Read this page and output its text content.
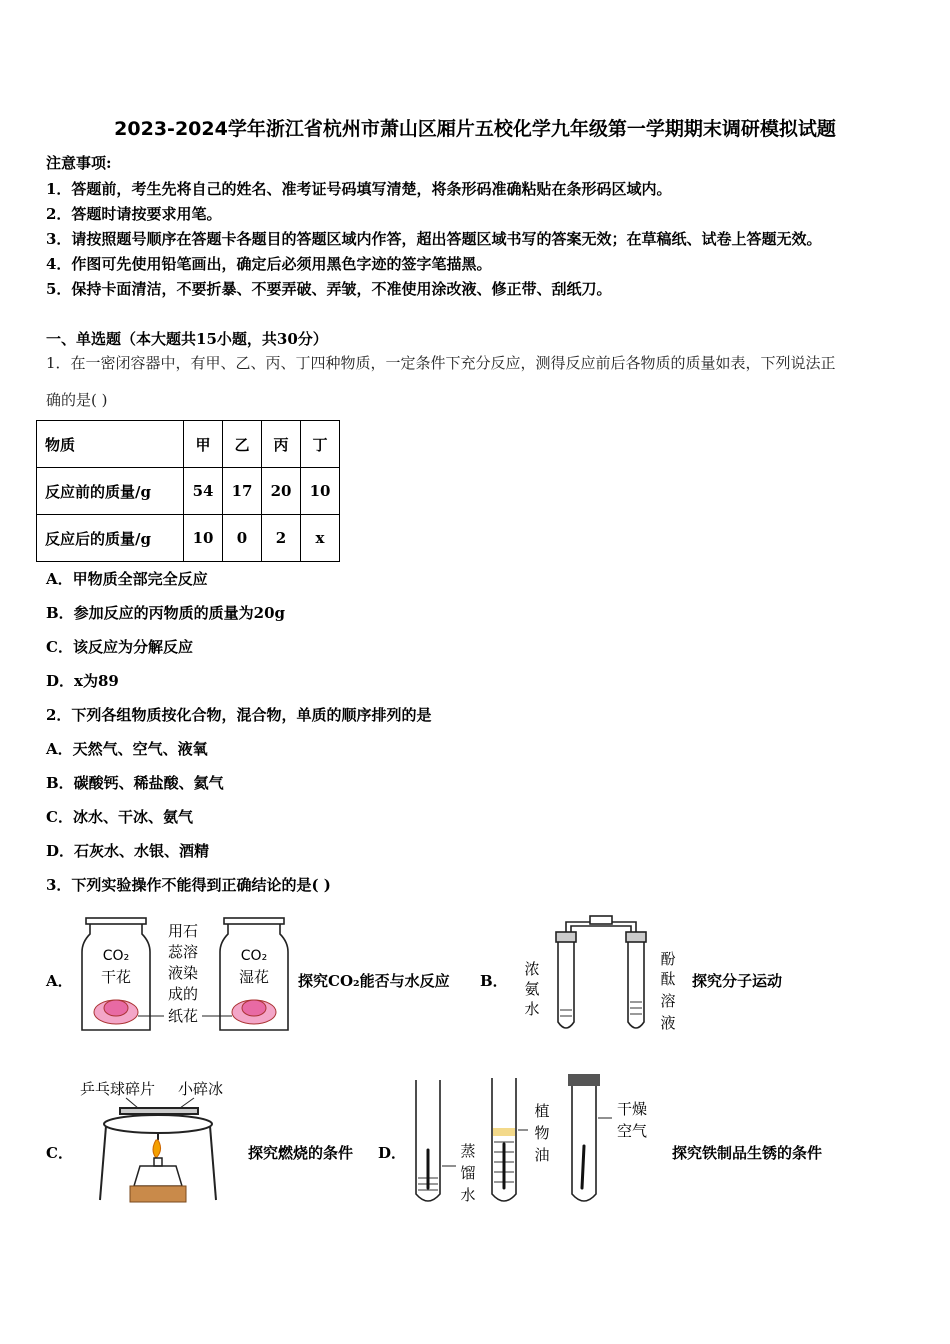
2023-2024学年浙江省杭州市萧山区厢片五校化学九年级第一学期期末调研模拟试题
注意事项:
1．答题前，考生先将自己的姓名、准考证号码填写清楚，将条形码准确粘贴在条形码区域内。
2．答题时请按要求用笔。
3．请按照题号顺序在答题卡各题目的答题区域内作答，超出答题区域书写的答案无效；在草稿纸、试卷上答题无效。
4．作图可先使用铅笔画出，确定后必须用黑色字迹的签字笔描黑。
5．保持卡面清洁，不要折暴、不要弄破、弄皱，不准使用涂改液、修正带、刮纸刀。
一、单选题（本大题共15小题，共30分）
1．在一密闭容器中，有甲、乙、丙、丁四种物质，一定条件下充分反应，测得反应前后各物质的质量如表，下列说法正
确的是( )
物质	甲	乙	丙	丁
反应前的质量/g	54	17	20	10
反应后的质量/g	10	0	2	x
A．甲物质全部完全反应
B．参加反应的丙物质的质量为20g
C．该反应为分解反应
D．x为89
2．下列各组物质按化合物，混合物，单质的顺序排列的是
A．天然气、空气、液氧
B．碳酸钙、稀盐酸、氦气
C．冰水、干冰、氨气
D．石灰水、水银、酒精
3．下列实验操作不能得到正确结论的是( )
A．
CO₂
干花
CO₂
湿花
用石
蕊溶
液染
成的
纸花
探究CO₂能否与水反应 B．
浓
氨
水
酚
酞
溶
液
探究分子运动
C．
乒乓球碎片 小碎冰
探究燃烧的条件 D．	蒸
馏
水
植
物
油
干燥
空气
探究铁制品生锈的条件
